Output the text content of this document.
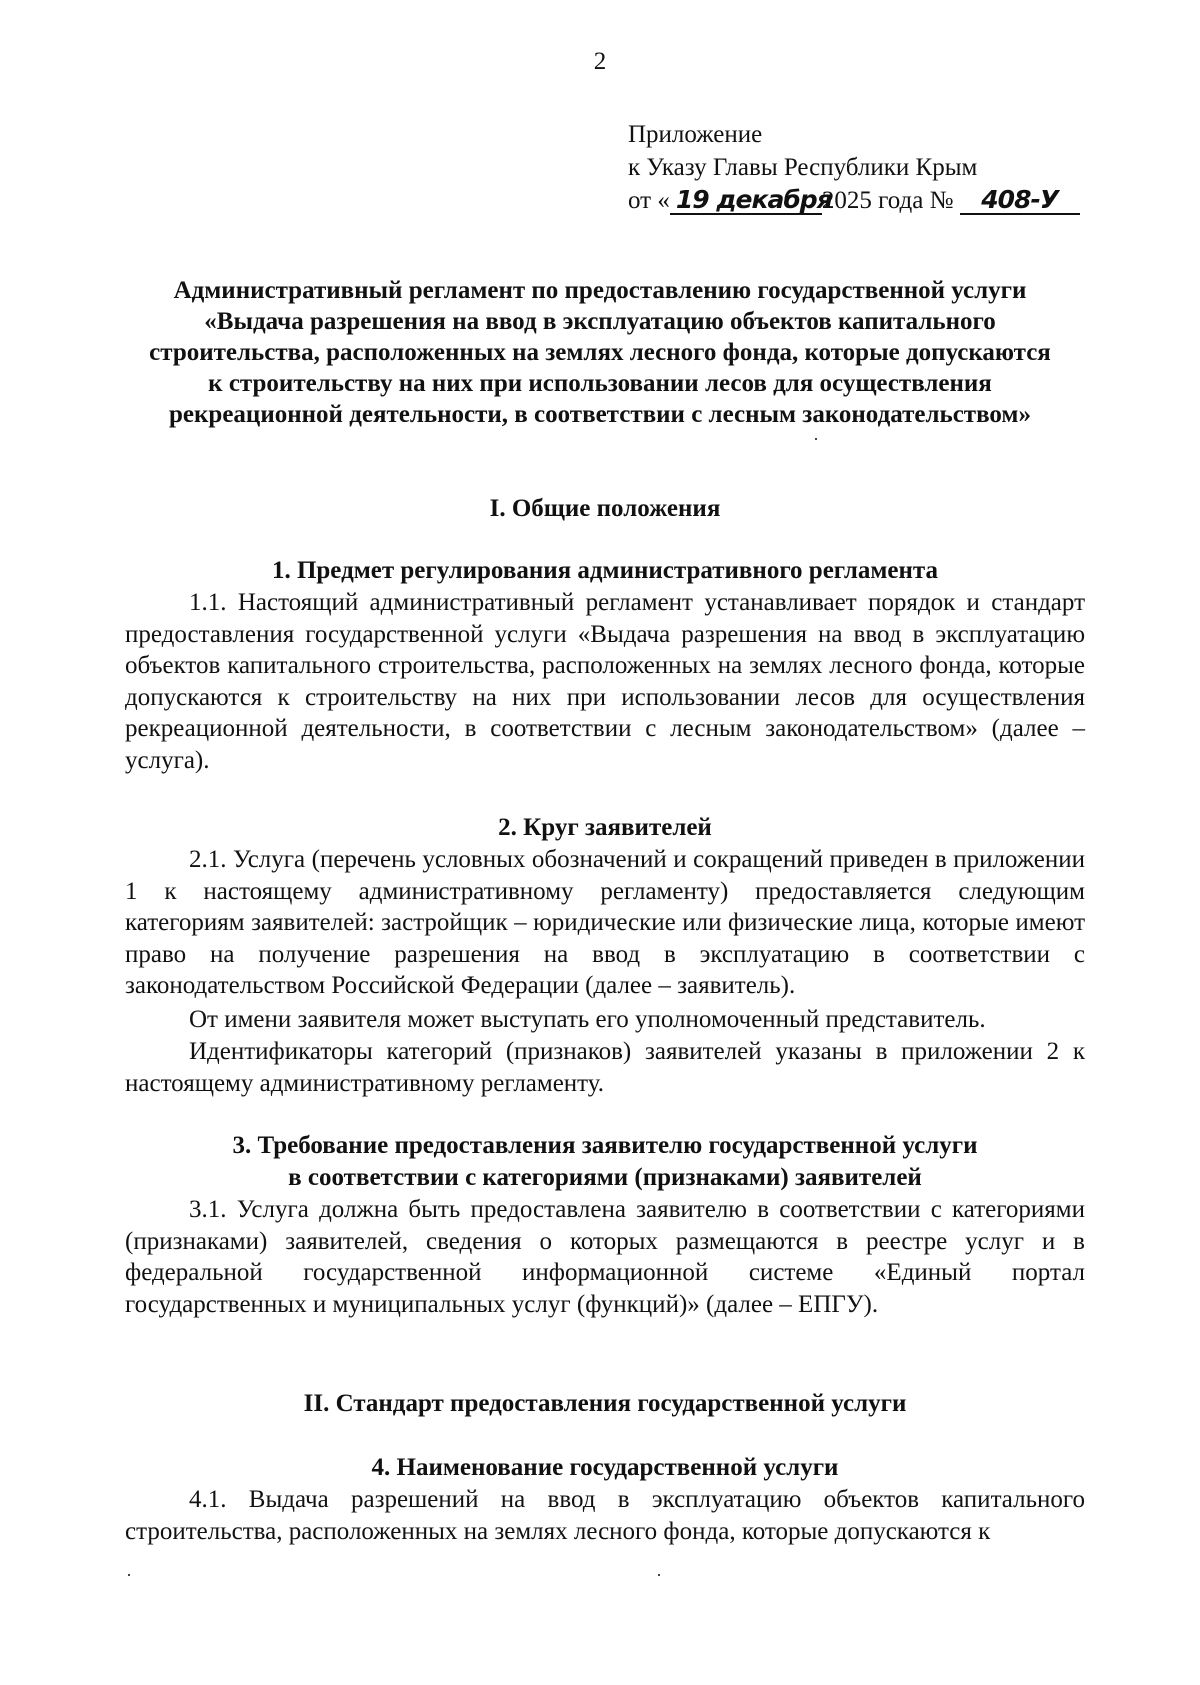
2
Приложение
к Указу Главы Республики Крым
от « 19 декабря2025 года № 408-У
Административный регламент по предоставлению государственной услуги «Выдача разрешения на ввод в эксплуатацию объектов капитального строительства, расположенных на землях лесного фонда, которые допускаются к строительству на них при использовании лесов для осуществления рекреационной деятельности, в соответствии с лесным законодательством»
I. Общие положения
1. Предмет регулирования административного регламента
1.1. Настоящий административный регламент устанавливает порядок и стандарт предоставления государственной услуги «Выдача разрешения на ввод в эксплуатацию объектов капитального строительства, расположенных на землях лесного фонда, которые допускаются к строительству на них при использовании лесов для осуществления рекреационной деятельности, в соответствии с лесным законодательством» (далее – услуга).
2. Круг заявителей
2.1. Услуга (перечень условных обозначений и сокращений приведен в приложении 1 к настоящему административному регламенту) предоставляется следующим категориям заявителей: застройщик – юридические или физические лица, которые имеют право на получение разрешения на ввод в эксплуатацию в соответствии с законодательством Российской Федерации (далее – заявитель).
От имени заявителя может выступать его уполномоченный представитель.
Идентификаторы категорий (признаков) заявителей указаны в приложении 2 к настоящему административному регламенту.
3. Требование предоставления заявителю государственной услуги
в соответствии с категориями (признаками) заявителей
3.1. Услуга должна быть предоставлена заявителю в соответствии с категориями (признаками) заявителей, сведения о которых размещаются в реестре услуг и в федеральной государственной информационной системе «Единый портал государственных и муниципальных услуг (функций)» (далее – ЕПГУ).
II. Стандарт предоставления государственной услуги
4. Наименование государственной услуги
4.1. Выдача разрешений на ввод в эксплуатацию объектов капитального строительства, расположенных на землях лесного фонда, которые допускаются к
